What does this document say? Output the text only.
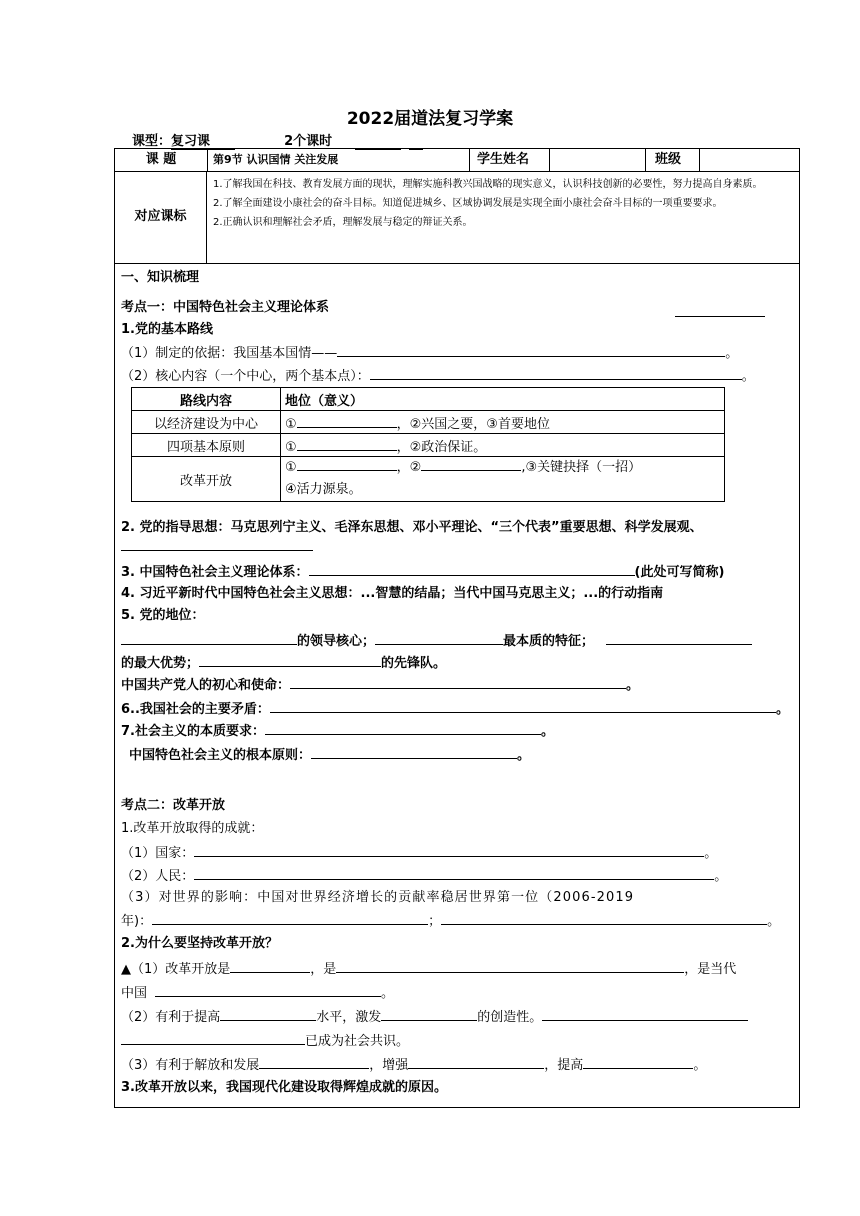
2022届道法复习学案
课型：复习课	2个课时
课 题	第9节 认识国情 关注发展	学生姓名	班级
对应课标
1.了解我国在科技、教育发展方面的现状，理解实施科教兴国战略的现实意义，认识科技创新的必要性，努力提高自身素质。
2.了解全面建设小康社会的奋斗目标。知道促进城乡、区域协调发展是实现全面小康社会奋斗目标的一项重要要求。
2.正确认识和理解社会矛盾，理解发展与稳定的辩证关系。
一、知识梳理
考点一：中国特色社会主义理论体系
1.党的基本路线
（1）制定的依据：我国基本国情——	。
（2）核心内容（一个中心，两个基本点）：	。
路线内容	地位（意义）
以经济建设为中心	① ，②兴国之要，③首要地位
四项基本原则	① ，②政治保证。
改革开放	① ，② ,③关键抉择（一招）
④活力源泉。
2. 党的指导思想：马克思列宁主义、毛泽东思想、邓小平理论、“三个代表”重要思想、科学发展观、
3. 中国特色社会主义理论体系：	(此处可写简称)
4. 习近平新时代中国特色社会主义思想：...智慧的结晶；当代中国马克思主义；...的行动指南
5. 党的地位：
的领导核心；	最本质的特征；
的最大优势；	的先锋队。
中国共产党人的初心和使命：	。
6..我国社会的主要矛盾：	。
7.社会主义的本质要求：	。
中国特色社会主义的根本原则：	。
考点二：改革开放
1.改革开放取得的成就：
（1）国家：	。
（2）人民：	。
（3）对世界的影响：中国对世界经济增长的贡献率稳居世界第一位（2006-2019
年)：	；	。
2.为什么要坚持改革开放？
▲（1）改革开放是	，是	，是当代
中国	。
（2）有利于提高	水平，激发	的创造性。
已成为社会共识。
（3）有利于解放和发展	，增强	，提高	。
3.改革开放以来，我国现代化建设取得辉煌成就的原因。
